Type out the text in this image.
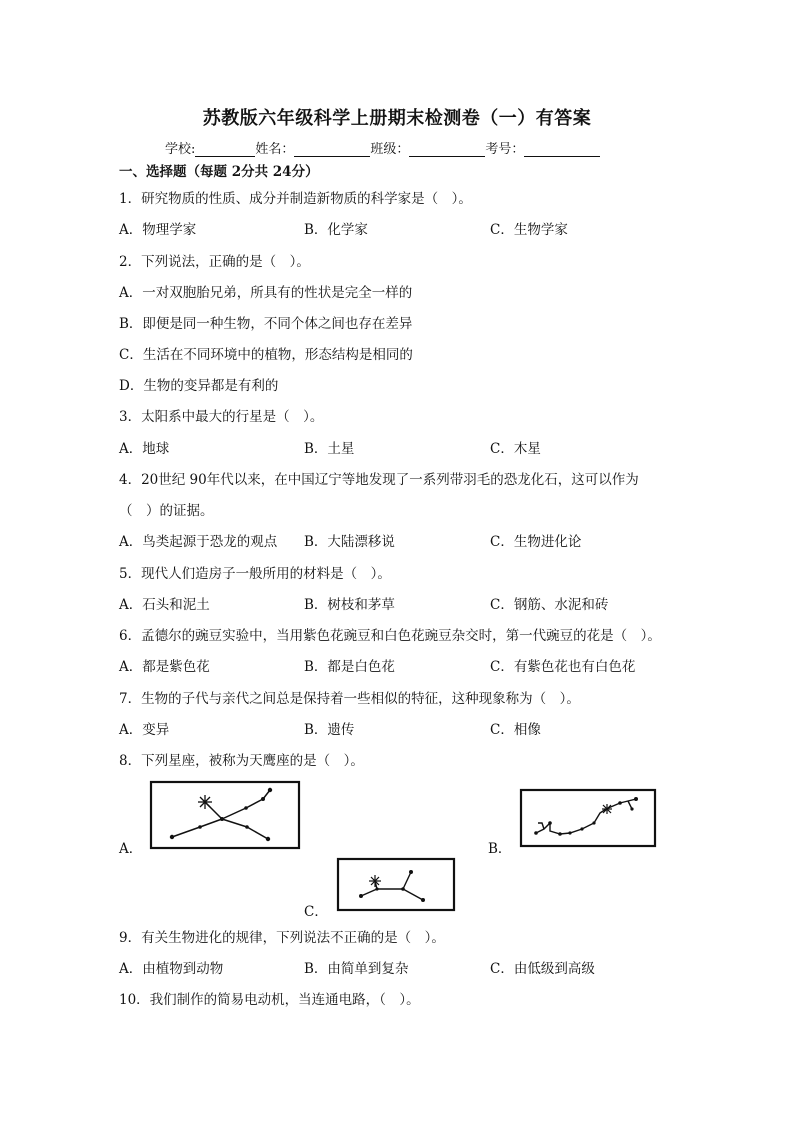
苏教版六年级科学上册期末检测卷（一）有答案
学校:	姓名：	班级：	考号：
一、选择题（每题 2分共 24分）
1．研究物质的性质、成分并制造新物质的科学家是（　）。
A．物理学家	B．化学家	C．生物学家
2．下列说法，正确的是（　）。
A．一对双胞胎兄弟，所具有的性状是完全一样的
B．即便是同一种生物，不同个体之间也存在差异
C．生活在不同环境中的植物，形态结构是相同的
D．生物的变异都是有利的
3．太阳系中最大的行星是（　）。
A．地球	B．土星	C．木星
4．20世纪 90年代以来，在中国辽宁等地发现了一系列带羽毛的恐龙化石，这可以作为
（　）的证据。
A．鸟类起源于恐龙的观点 B．大陆漂移说	C．生物进化论
5．现代人们造房子一般所用的材料是（　）。
A．石头和泥土	B．树枝和茅草	C．钢筋、水泥和砖
6．孟德尔的豌豆实验中，当用紫色花豌豆和白色花豌豆杂交时，第一代豌豆的花是（　）。
A．都是紫色花	B．都是白色花	C．有紫色花也有白色花
7．生物的子代与亲代之间总是保持着一些相似的特征，这种现象称为（　）。
A．变异	B．遗传	C．相像
8．下列星座，被称为天鹰座的是（　）。
A．	B．
C．
9．有关生物进化的规律，下列说法不正确的是（　）。
A．由植物到动物	B．由简单到复杂	C．由低级到高级
10．我们制作的简易电动机，当连通电路，（　）。
